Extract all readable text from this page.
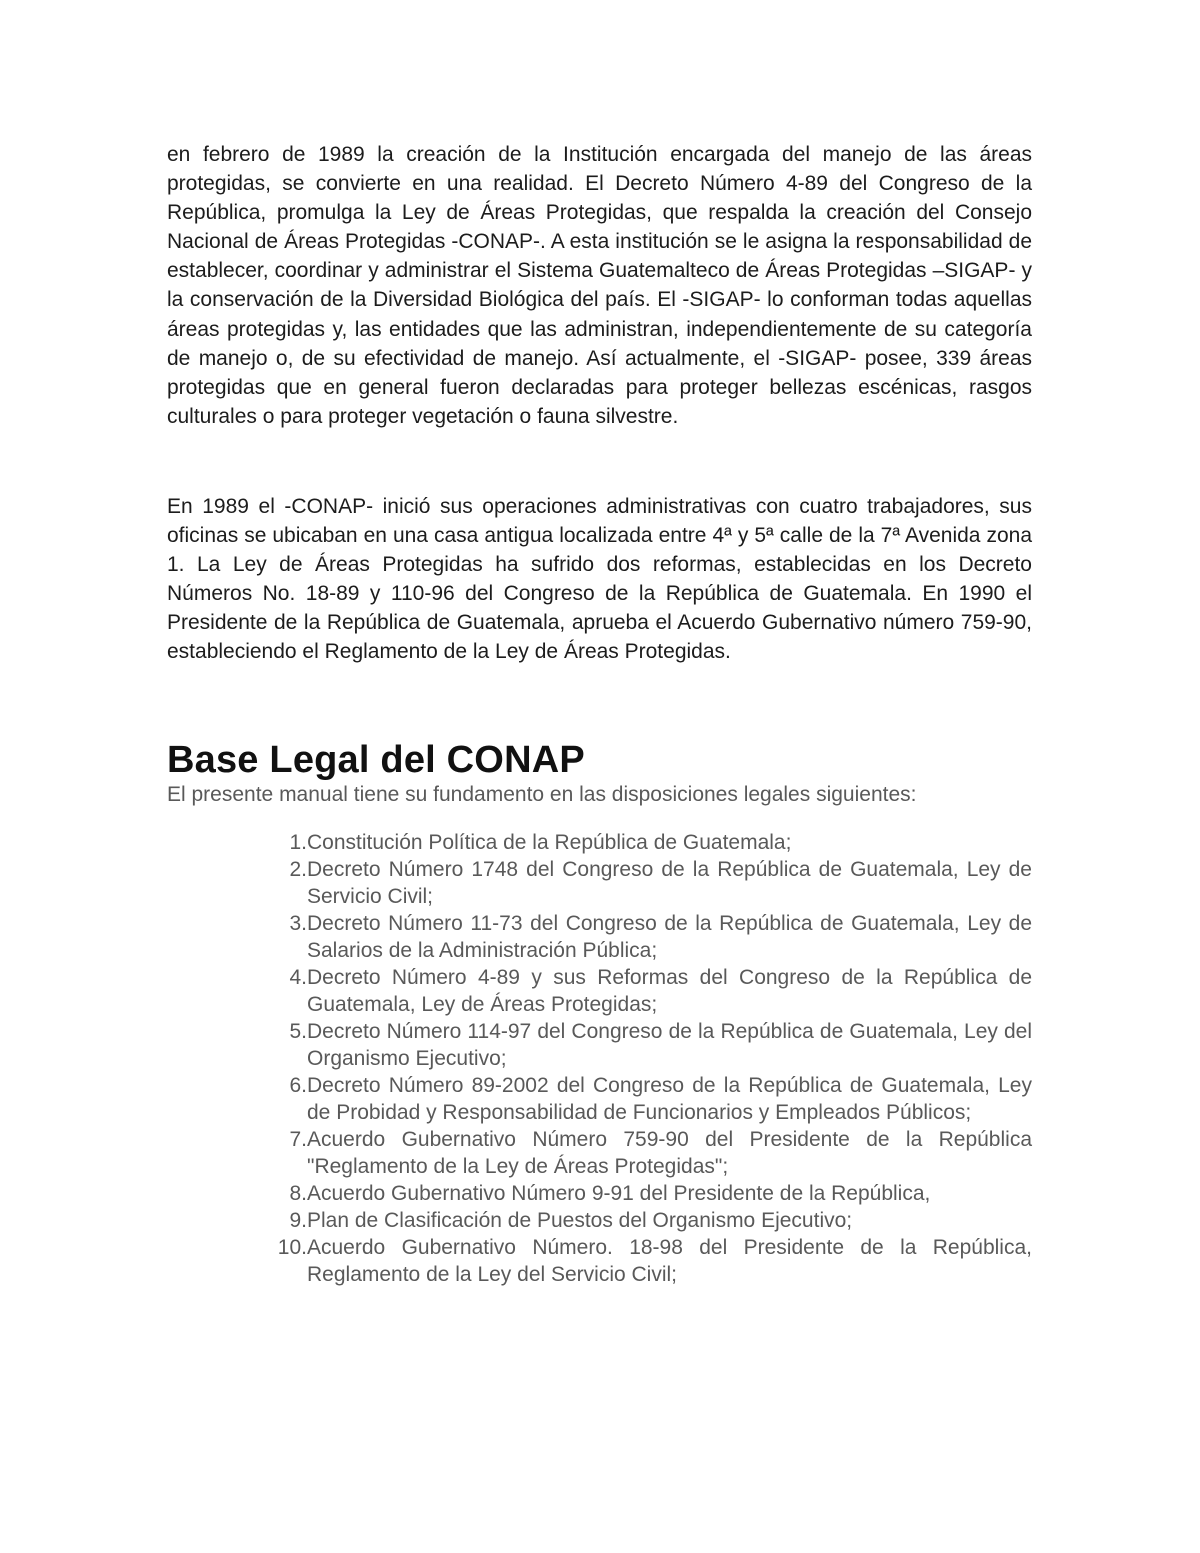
en febrero de 1989 la creación de la Institución encargada del manejo de las áreas protegidas, se convierte en una realidad. El Decreto Número 4-89 del Congreso de la República, promulga la Ley de Áreas Protegidas, que respalda la creación del Consejo Nacional de Áreas Protegidas -CONAP-. A esta institución se le asigna la responsabilidad de establecer, coordinar y administrar el Sistema Guatemalteco de Áreas Protegidas –SIGAP- y la conservación de la Diversidad Biológica del país. El -SIGAP- lo conforman todas aquellas áreas protegidas y, las entidades que las administran, independientemente de su categoría de manejo o, de su efectividad de manejo. Así actualmente, el -SIGAP- posee, 339 áreas protegidas que en general fueron declaradas para proteger bellezas escénicas, rasgos culturales o para proteger vegetación o fauna silvestre.

En 1989 el -CONAP- inició sus operaciones administrativas con cuatro trabajadores, sus oficinas se ubicaban en una casa antigua localizada entre 4ª y 5ª calle de la 7ª Avenida zona 1. La Ley de Áreas Protegidas ha sufrido dos reformas, establecidas en los Decreto Números No. 18-89 y 110-96 del Congreso de la República de Guatemala. En 1990 el Presidente de la República de Guatemala, aprueba el Acuerdo Gubernativo número 759-90, estableciendo el Reglamento de la Ley de Áreas Protegidas.

Base Legal del CONAP

El presente manual tiene su fundamento en las disposiciones legales siguientes:

1. Constitución Política de la República de Guatemala;
2. Decreto Número 1748 del Congreso de la República de Guatemala, Ley de Servicio Civil;
3. Decreto Número 11-73 del Congreso de la República de Guatemala, Ley de Salarios de la Administración Pública;
4. Decreto Número 4-89 y sus Reformas del Congreso de la República de Guatemala, Ley de Áreas Protegidas;
5. Decreto Número 114-97 del Congreso de la República de Guatemala, Ley del Organismo Ejecutivo;
6. Decreto Número 89-2002 del Congreso de la República de Guatemala, Ley de Probidad y Responsabilidad de Funcionarios y Empleados Públicos;
7. Acuerdo Gubernativo Número 759-90 del Presidente de la República "Reglamento de la Ley de Áreas Protegidas";
8. Acuerdo Gubernativo Número 9-91 del Presidente de la República,
9. Plan de Clasificación de Puestos del Organismo Ejecutivo;
10. Acuerdo Gubernativo Número. 18-98 del Presidente de la República, Reglamento de la Ley del Servicio Civil;
